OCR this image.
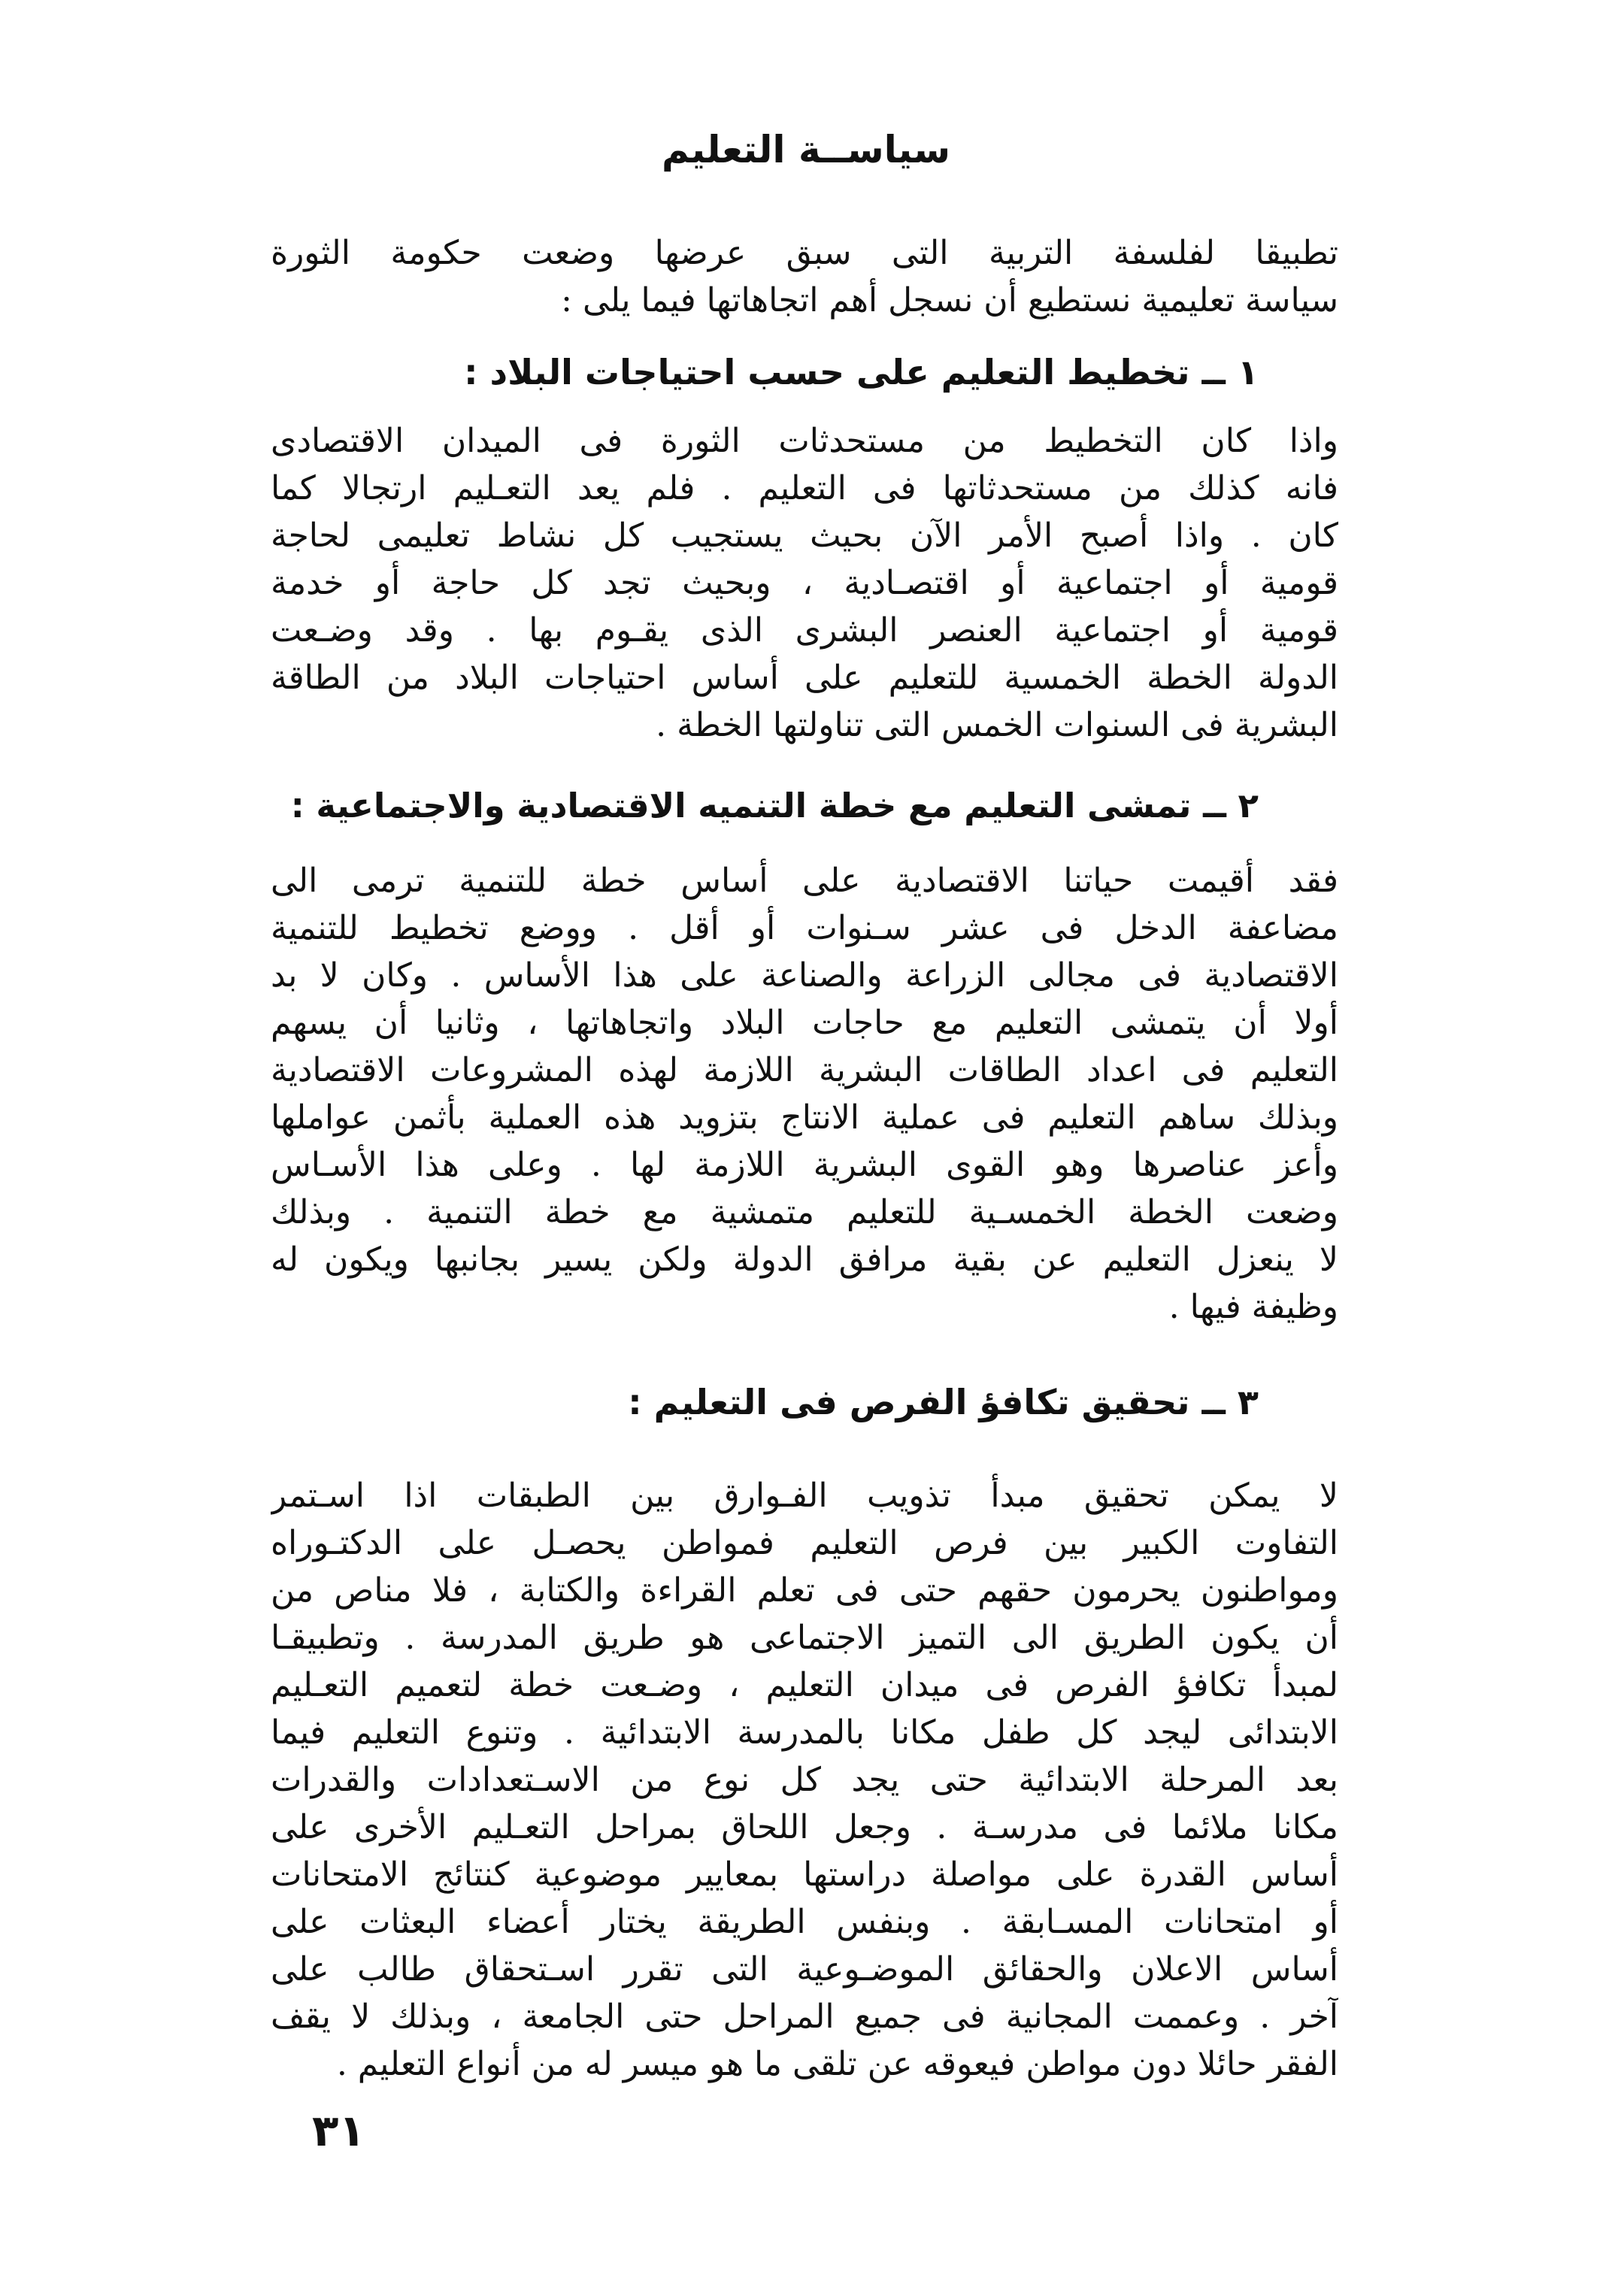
سياســة التعليم
تطبيقا لفلسفة التربية التى سبق عرضها وضعت حكومة الثورة
سياسة تعليمية نستطيع أن نسجل أهم اتجاهاتها فيما يلى :
١ ــ تخطيط التعليم على حسب احتياجات البلاد :
واذا كان التخطيط من مستحدثات الثورة فى الميدان الاقتصادى
فانه كذلك من مستحدثاتها فى التعليم . فلم يعد التعـليم ارتجالا كما
كان . واذا أصبح الأمر الآن بحيث يستجيب كل نشاط تعليمى لحاجة
قومية أو اجتماعية أو اقتصـادية ، وبحيث تجد كل حاجة أو خدمة
قومية أو اجتماعية العنصر البشرى الذى يقـوم بها . وقد وضـعت
الدولة الخطة الخمسية للتعليم على أساس احتياجات البلاد من الطاقة
البشرية فى السنوات الخمس التى تناولتها الخطة .
٢ ــ تمشى التعليم مع خطة التنميه الاقتصادية والاجتماعية :
فقد أقيمت حياتنا الاقتصادية على أساس خطة للتنمية ترمى الى
مضاعفة الدخل فى عشر سـنوات أو أقل . ووضع تخطيط للتنمية
الاقتصادية فى مجالى الزراعة والصناعة على هذا الأساس . وكان لا بد
أولا أن يتمشى التعليم مع حاجات البلاد واتجاهاتها ، وثانيا أن يسهم
التعليم فى اعداد الطاقات البشرية اللازمة لهذه المشروعات الاقتصادية
وبذلك ساهم التعليم فى عملية الانتاج بتزويد هذه العملية بأثمن عواملها
وأعز عناصرها وهو القوى البشرية اللازمة لها . وعلى هذا الأسـاس
وضعت الخطة الخمسـية للتعليم متمشية مع خطة التنمية . وبذلك
لا ينعزل التعليم عن بقية مرافق الدولة ولكن يسير بجانبها ويكون له
وظيفة فيها .
٣ ــ تحقيق تكافؤ الفرص فى التعليم :
لا يمكن تحقيق مبدأ تذويب الفـوارق بين الطبقات اذا اسـتمر
التفاوت الكبير بين فرص التعليم فمواطن يحصـل على الدكتـوراه
ومواطنون يحرمون حقهم حتى فى تعلم القراءة والكتابة ، فلا مناص من
أن يكون الطريق الى التميز الاجتماعى هو طريق المدرسة . وتطبيقـا
لمبدأ تكافؤ الفرص فى ميدان التعليم ، وضـعت خطة لتعميم التعـليم
الابتدائى ليجد كل طفل مكانا بالمدرسة الابتدائية . وتنوع التعليم فيما
بعد المرحلة الابتدائية حتى يجد كل نوع من الاسـتعدادات والقدرات
مكانا ملائما فى مدرسـة . وجعل اللحاق بمراحل التعـليم الأخرى على
أساس القدرة على مواصلة دراستها بمعايير موضوعية كنتائج الامتحانات
أو امتحانات المسـابقة . وبنفس الطريقة يختار أعضاء البعثات على
أساس الاعلان والحقائق الموضـوعية التى تقرر اسـتحقاق طالب على
آخر . وعممت المجانية فى جميع المراحل حتى الجامعة ، وبذلك لا يقف
الفقر حائلا دون مواطن فيعوقه عن تلقى ما هو ميسر له من أنواع التعليم .
٣١
